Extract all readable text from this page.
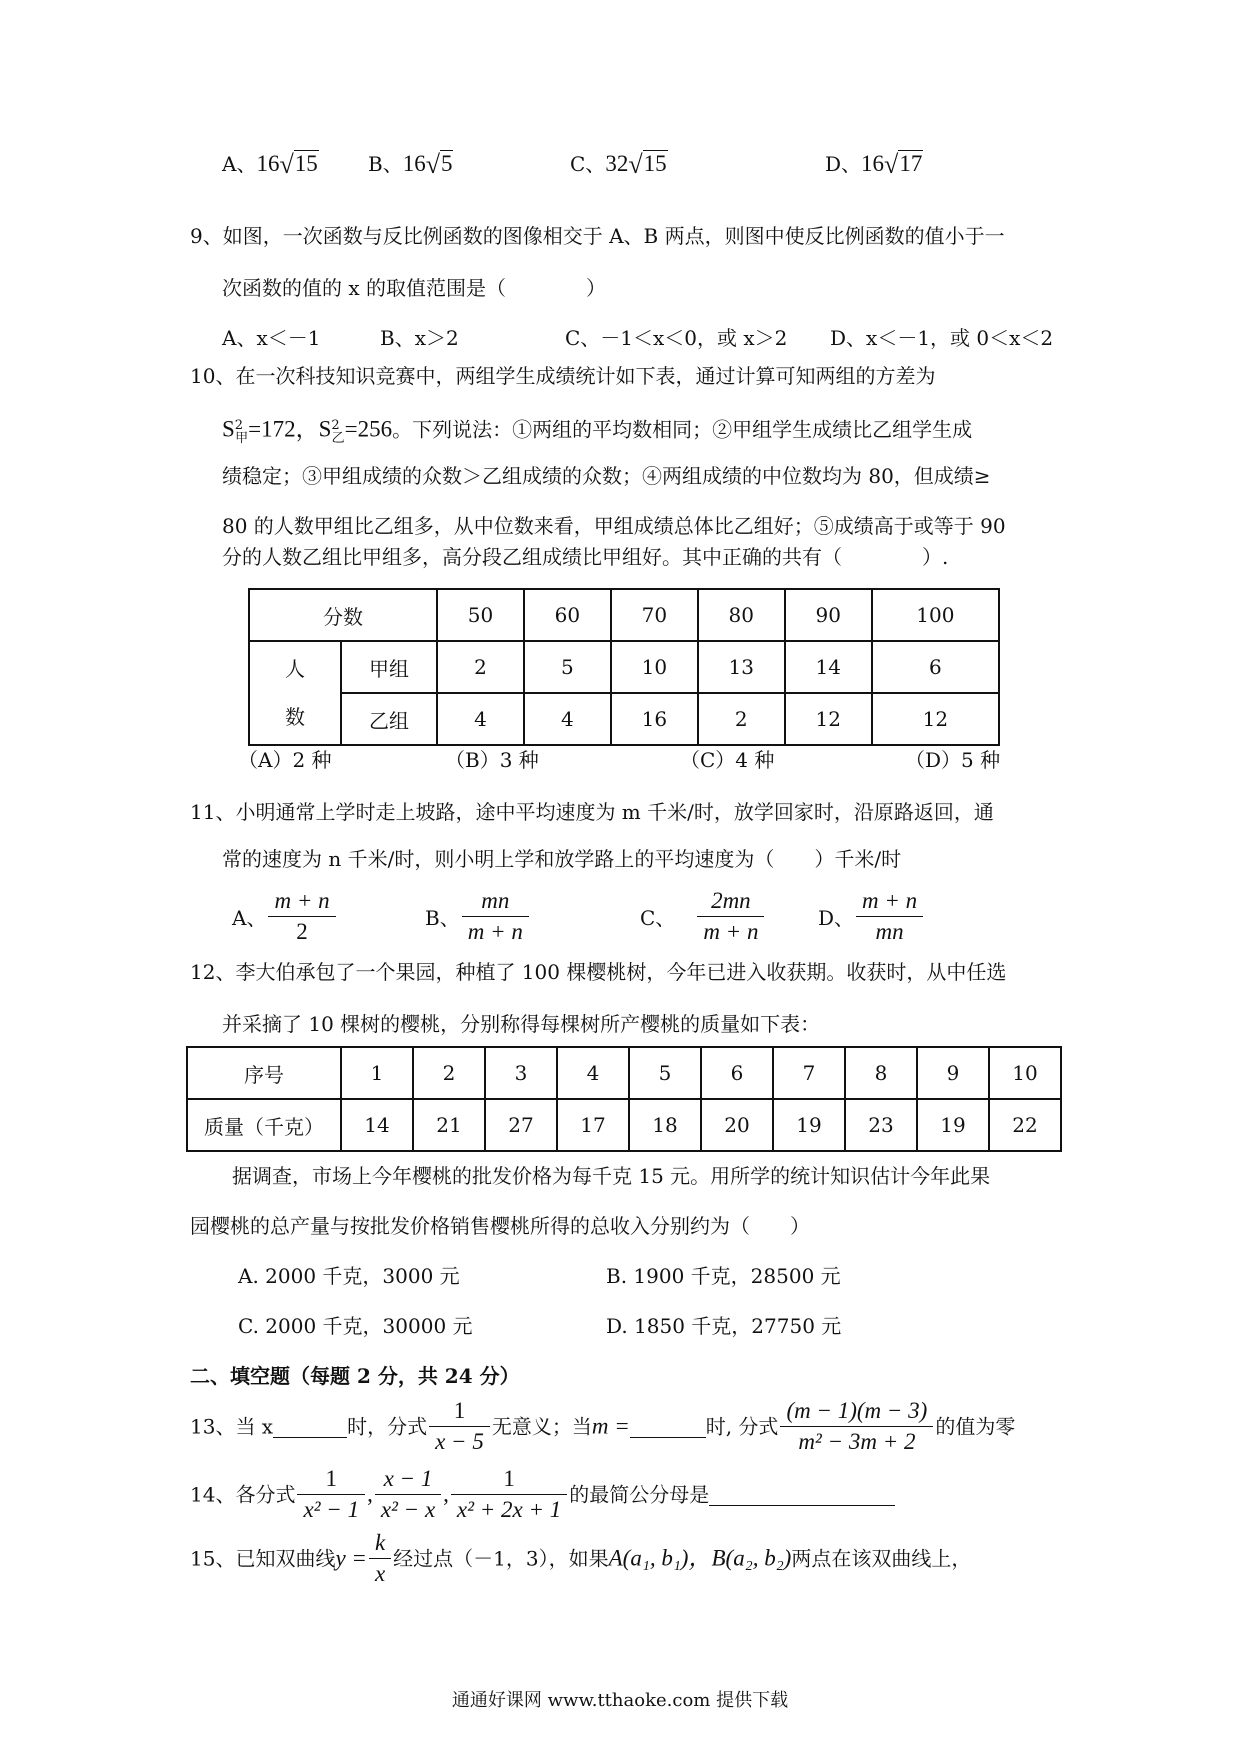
A、16√15	B、16√5	C、32√15	D、16√17
9、如图，一次函数与反比例函数的图像相交于 A、B 两点，则图中使反比例函数的值小于一
次函数的值的 x 的取值范围是（　　　　）
A、x＜－1	B、x＞2	C、－1＜x＜0，或 x＞2 D、x＜－1，或 0＜x＜2
10、在一次科技知识竞赛中，两组学生成绩统计如下表，通过计算可知两组的方差为
$S^2_甲=172$，$S^2_乙=256$。下列说法：①两组的平均数相同；②甲组学生成绩比乙组学生成
绩稳定；③甲组成绩的众数＞乙组成绩的众数；④两组成绩的中位数均为 80，但成绩≥
80 的人数甲组比乙组多，从中位数来看，甲组成绩总体比乙组好；⑤成绩高于或等于 90
分的人数乙组比甲组多，高分段乙组成绩比甲组好。其中正确的共有（　　　　）.
分数		50	60	70	80	90	100
人
数	甲组	2	5	10	13	14	6
	乙组	4	4	16	2	12	12
（A）2 种	（B）3 种	（C）4 种	（D）5 种
11、小明通常上学时走上坡路，途中平均速度为 m 千米/时，放学回家时，沿原路返回，通
常的速度为 n 千米/时，则小明上学和放学路上的平均速度为（　　）千米/时
A、 $\frac{m + n}{2}$	B、 $\frac{mn}{m + n}$	C、 $\frac{2mn}{m + n}$	D、 $\frac{m + n}{mn}$
12、李大伯承包了一个果园，种植了 100 棵樱桃树，今年已进入收获期。收获时，从中任选
并采摘了 10 棵树的樱桃，分别称得每棵树所产樱桃的质量如下表：
序号	1	2	3	4	5	6	7	8	9	10
质量（千克）	14	21	27	17	18	20	19	23	19	22
据调查，市场上今年樱桃的批发价格为每千克 15 元。用所学的统计知识估计今年此果
园樱桃的总产量与按批发价格销售樱桃所得的总收入分别约为（　　）
A. 2000 千克，3000 元	B. 1900 千克，28500 元
C. 2000 千克，30000 元	D. 1850 千克，27750 元
二、填空题（每题 2 分，共 24 分）
13、当 x	时，分式 $\frac{1}{x - 5}$ 无意义；当m =	时, 分式 $\frac{(m - 1)(m - 3)}{\text{m² − 3m + 2}}$ 的值为零
14、各分式 $\frac{1}{\text{x² − 1}}$ , $\frac{x - 1}{\text{x² − x}}$ , $\frac{1}{\text{x² + 2x + 1}}$ 的最简公分母是
15、已知双曲线$y = \frac{k}{x}$ 经过点（－1，3），如果A(a₁, b₁)，B(a₂, b₂)两点在该双曲线上，
通通好课网 www.tthaoke.com 提供下载
